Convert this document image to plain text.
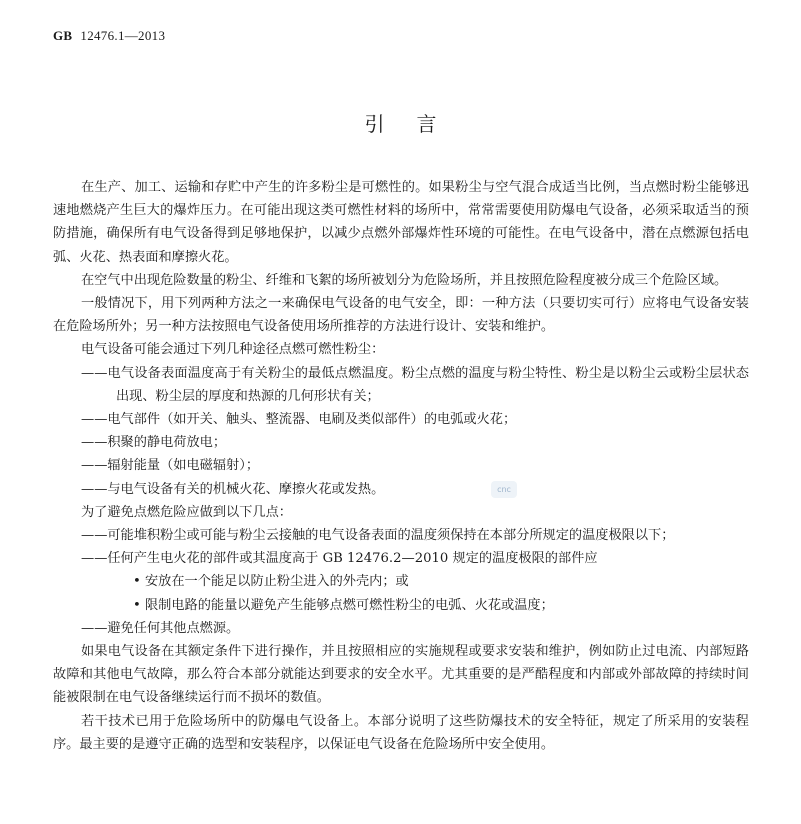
GB 12476.1—2013
引言

在生产、加工、运输和存贮中产生的许多粉尘是可燃性的。如果粉尘与空气混合成适当比例，当点燃时粉尘能够迅速地燃烧产生巨大的爆炸压力。在可能出现这类可燃性材料的场所中，常常需要使用防爆电气设备，必须采取适当的预防措施，确保所有电气设备得到足够地保护，以减少点燃外部爆炸性环境的可能性。在电气设备中，潜在点燃源包括电弧、火花、热表面和摩擦火花。

在空气中出现危险数量的粉尘、纤维和飞絮的场所被划分为危险场所，并且按照危险程度被分成三个危险区域。

一般情况下，用下列两种方法之一来确保电气设备的电气安全，即：一种方法（只要切实可行）应将电气设备安装在危险场所外；另一种方法按照电气设备使用场所推荐的方法进行设计、安装和维护。

电气设备可能会通过下列几种途径点燃可燃性粉尘：

——电气设备表面温度高于有关粉尘的最低点燃温度。粉尘点燃的温度与粉尘特性、粉尘是以粉尘云或粉尘层状态出现、粉尘层的厚度和热源的几何形状有关；

——电气部件（如开关、触头、整流器、电刷及类似部件）的电弧或火花；

——积聚的静电荷放电；

——辐射能量（如电磁辐射）；

——与电气设备有关的机械火花、摩擦火花或发热。

为了避免点燃危险应做到以下几点：

——可能堆积粉尘或可能与粉尘云接触的电气设备表面的温度须保持在本部分所规定的温度极限以下；

——任何产生电火花的部件或其温度高于 GB 12476.2—2010 规定的温度极限的部件应

• 安放在一个能足以防止粉尘进入的外壳内；或

• 限制电路的能量以避免产生能够点燃可燃性粉尘的电弧、火花或温度；

——避免任何其他点燃源。

如果电气设备在其额定条件下进行操作，并且按照相应的实施规程或要求安装和维护，例如防止过电流、内部短路故障和其他电气故障，那么符合本部分就能达到要求的安全水平。尤其重要的是严酷程度和内部或外部故障的持续时间能被限制在电气设备继续运行而不损坏的数值。

若干技术已用于危险场所中的防爆电气设备上。本部分说明了这些防爆技术的安全特征，规定了所采用的安装程序。最主要的是遵守正确的选型和安装程序，以保证电气设备在危险场所中安全使用。

cnc
